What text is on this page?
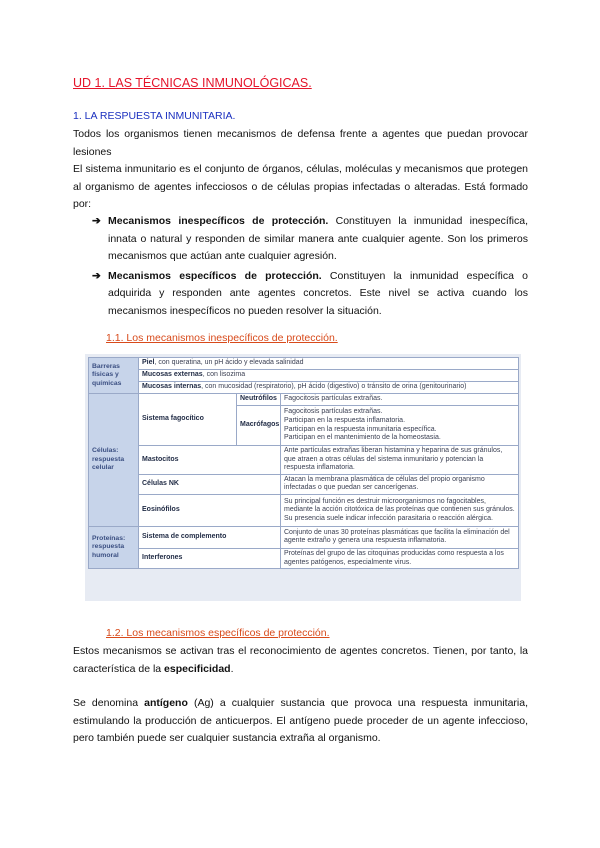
UD 1. LAS TÉCNICAS INMUNOLÓGICAS.
1. LA RESPUESTA INMUNITARIA.
Todos los organismos tienen mecanismos de defensa frente a agentes que puedan provocar lesiones
El sistema inmunitario es el conjunto de órganos, células, moléculas y mecanismos que protegen al organismo de agentes infecciosos o de células propias infectadas o alteradas. Está formado por:
➔ Mecanismos inespecíficos de protección. Constituyen la inmunidad inespecífica, innata o natural y responden de similar manera ante cualquier agente. Son los primeros mecanismos que actúan ante cualquier agresión.
➔ Mecanismos específicos de protección. Constituyen la inmunidad específica o adquirida y responden ante agentes concretos. Este nivel se activa cuando los mecanismos inespecíficos no pueden resolver la situación.
1.1. Los mecanismos inespecíficos de protección.
Barreras físicas y químicas	Piel, con queratina, un pH ácido y elevada salinidad		
	Mucosas externas, con lisozima		
	Mucosas internas, con mucosidad (respiratorio), pH ácido (digestivo) o tránsito de orina (genitourinario)		
Células: respuesta celular	Sistema fagocítico	Neutrófilos	Fagocitosis partículas extrañas.
		Macrófagos	Fagocitosis partículas extrañas.
Participan en la respuesta inflamatoria.
Participan en la respuesta inmunitaria específica.
Participan en el mantenimiento de la homeostasia.

	Mastocitos		Ante partículas extrañas liberan histamina y heparina de sus gránulos, que atraen a otras células del sistema inmunitario y potencian la respuesta inflamatoria.
	Células NK		Atacan la membrana plasmática de células del propio organismo infectadas o que puedan ser cancerígenas.
	Eosinófilos		Su principal función es destruir microorganismos no fagocitables, mediante la acción citotóxica de las proteínas que contienen sus gránulos.
Su presencia suele indicar infección parasitaria o reacción alérgica.

Proteínas: respuesta humoral	Sistema de complemento		Conjunto de unas 30 proteínas plasmáticas que facilita la eliminación del agente extraño y genera una respuesta inflamatoria.
	Interferones		Proteínas del grupo de las citoquinas producidas como respuesta a los agentes patógenos, especialmente virus.
1.2. Los mecanismos específicos de protección.
Estos mecanismos se activan tras el reconocimiento de agentes concretos. Tienen, por tanto, la característica de la especificidad.
Se denomina antígeno (Ag) a cualquier sustancia que provoca una respuesta inmunitaria, estimulando la producción de anticuerpos. El antígeno puede proceder de un agente infeccioso, pero también puede ser cualquier sustancia extraña al organismo.
